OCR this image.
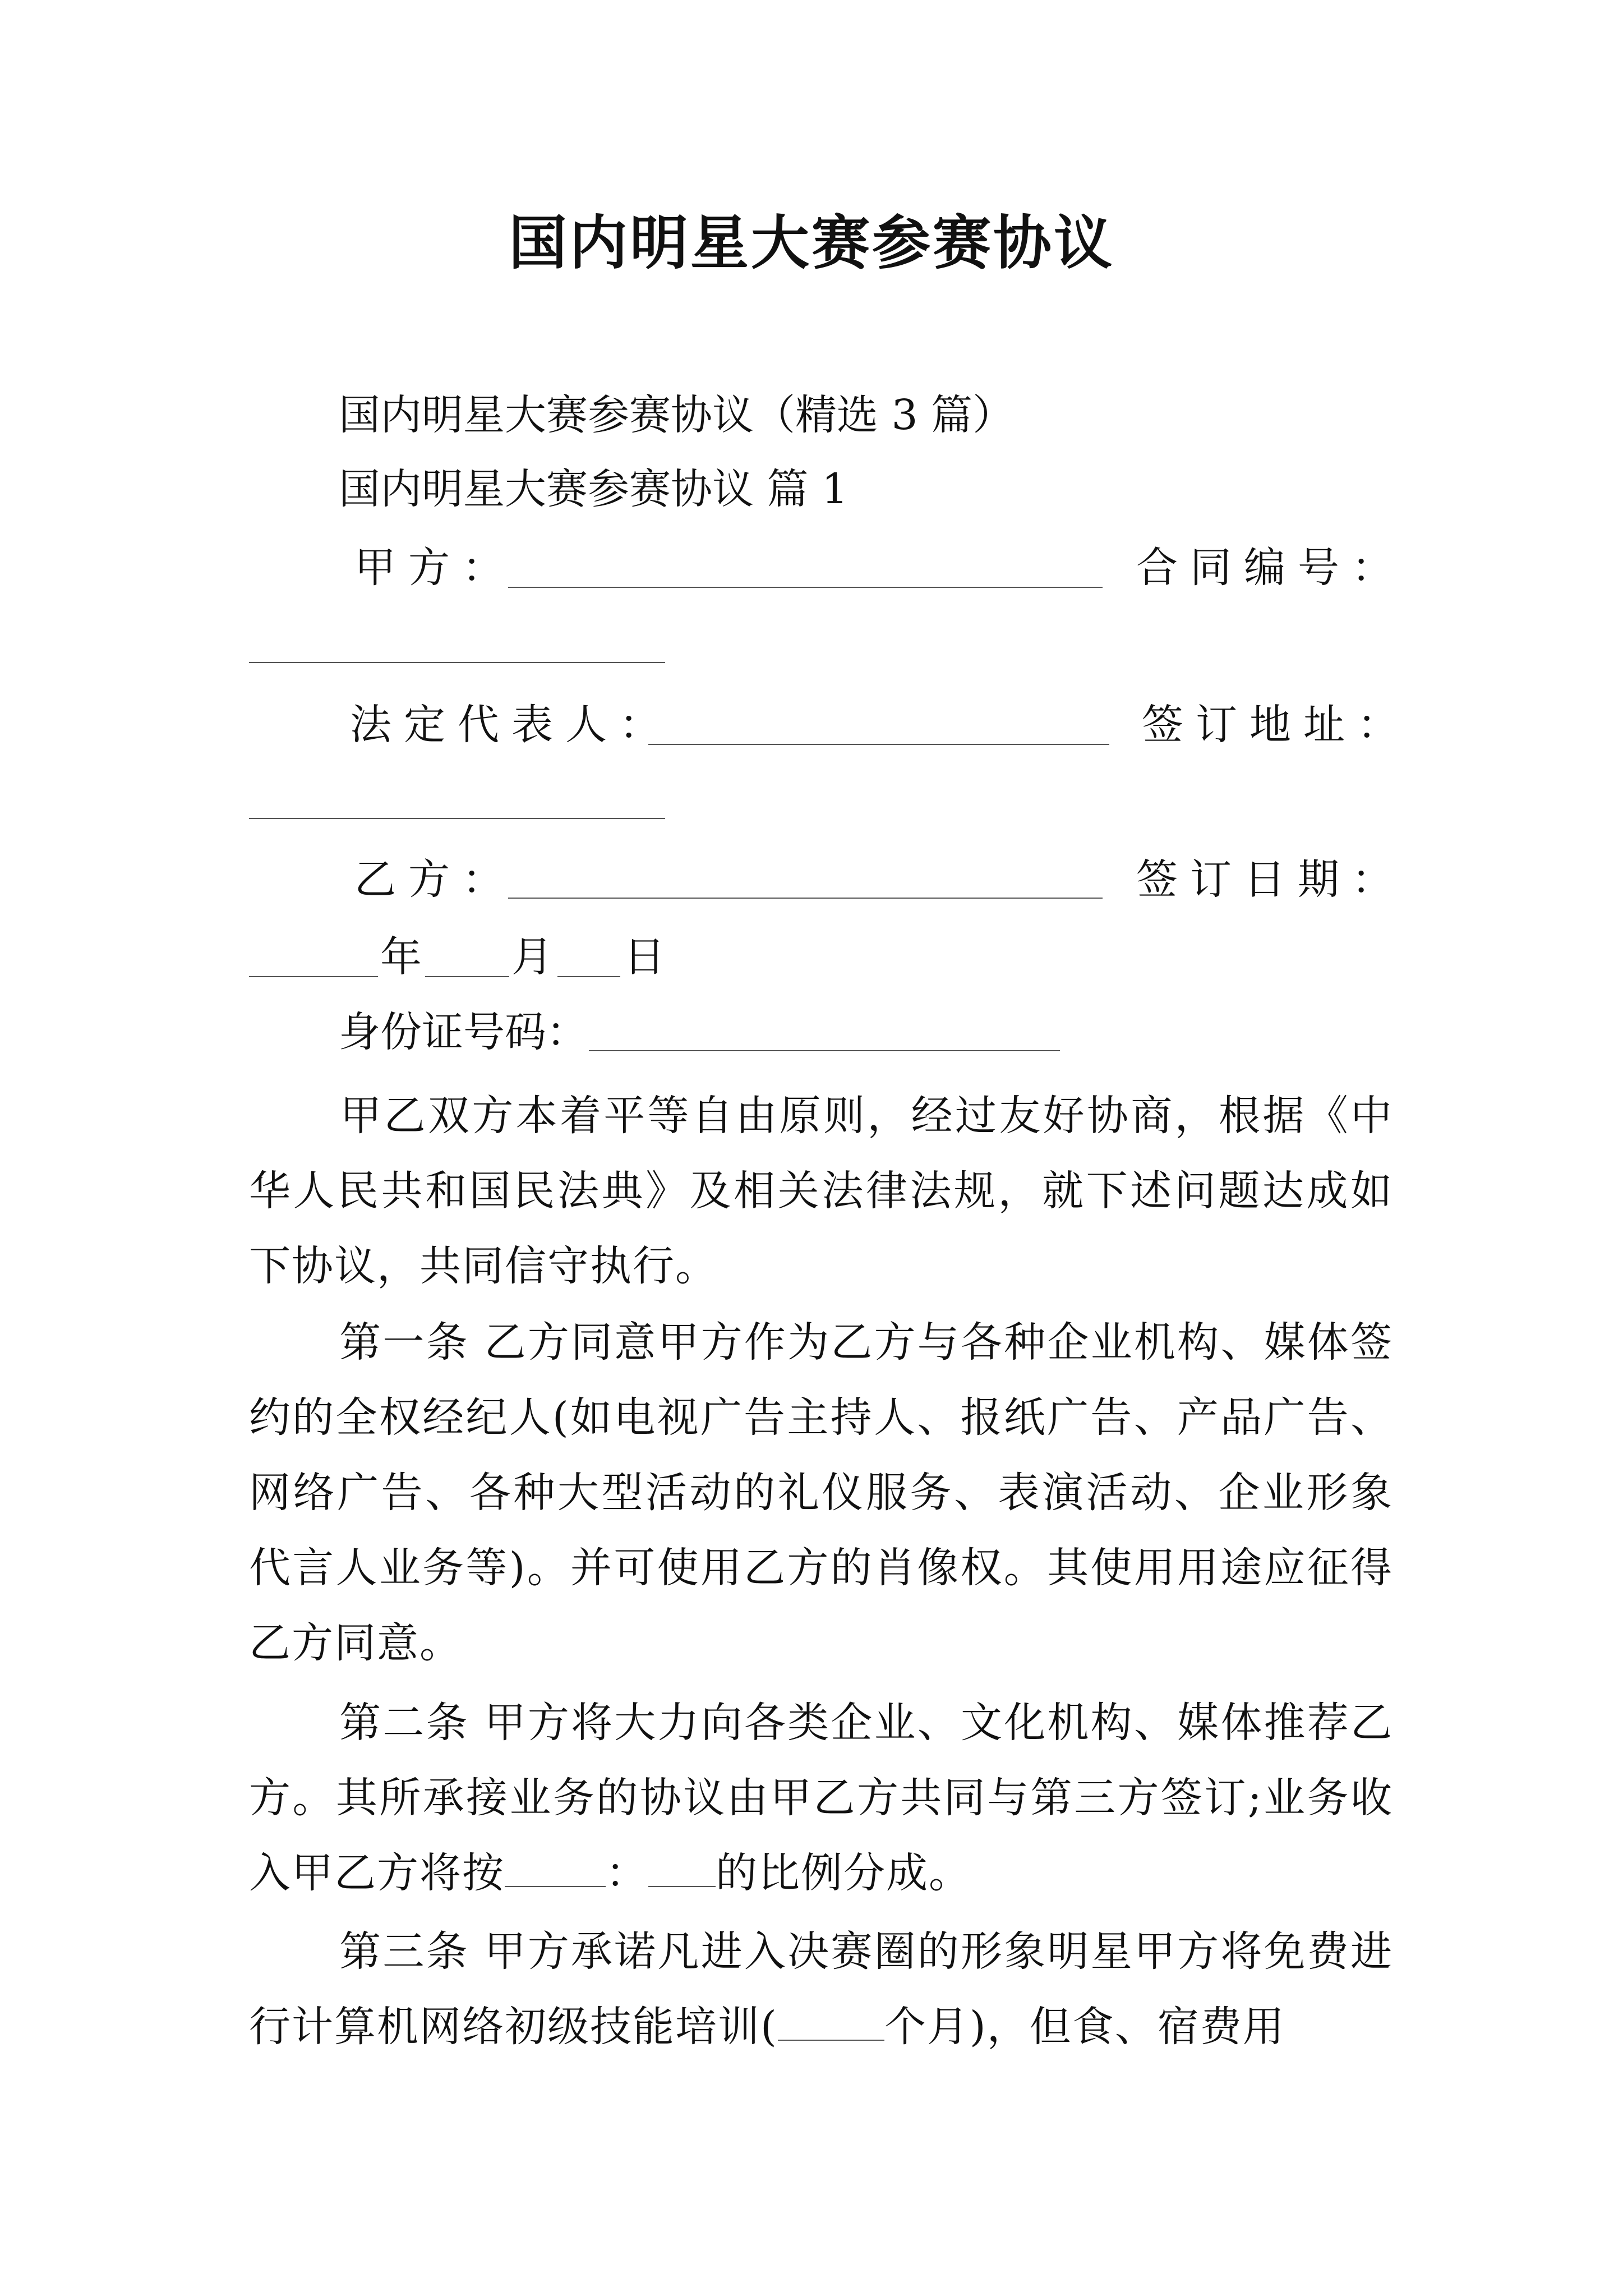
国内明星大赛参赛协议
国内明星大赛参赛协议（精选 3 篇）
国内明星大赛参赛协议 篇 1
甲方：	合同编号：
法定代表人：	签订地址：
乙方：	签订日期：
年 月 日
身份证号码：
甲乙双方本着平等自由原则，经过友好协商，根据《中华人民共和国民法典》及相关法律法规，就下述问题达成如下协议，共同信守执行。
第一条 乙方同意甲方作为乙方与各种企业机构、媒体签约的全权经纪人(如电视广告主持人、报纸广告、产品广告、网络广告、各种大型活动的礼仪服务、表演活动、企业形象代言人业务等)。并可使用乙方的肖像权。其使用用途应征得乙方同意。
第二条 甲方将大力向各类企业、文化机构、媒体推荐乙方。其所承接业务的协议由甲乙方共同与第三方签订;业务收入甲乙方将按 ： 的比例分成。
第三条 甲方承诺凡进入决赛圈的形象明星甲方将免费进行计算机网络初级技能培训(	个月)，但食、宿费用
